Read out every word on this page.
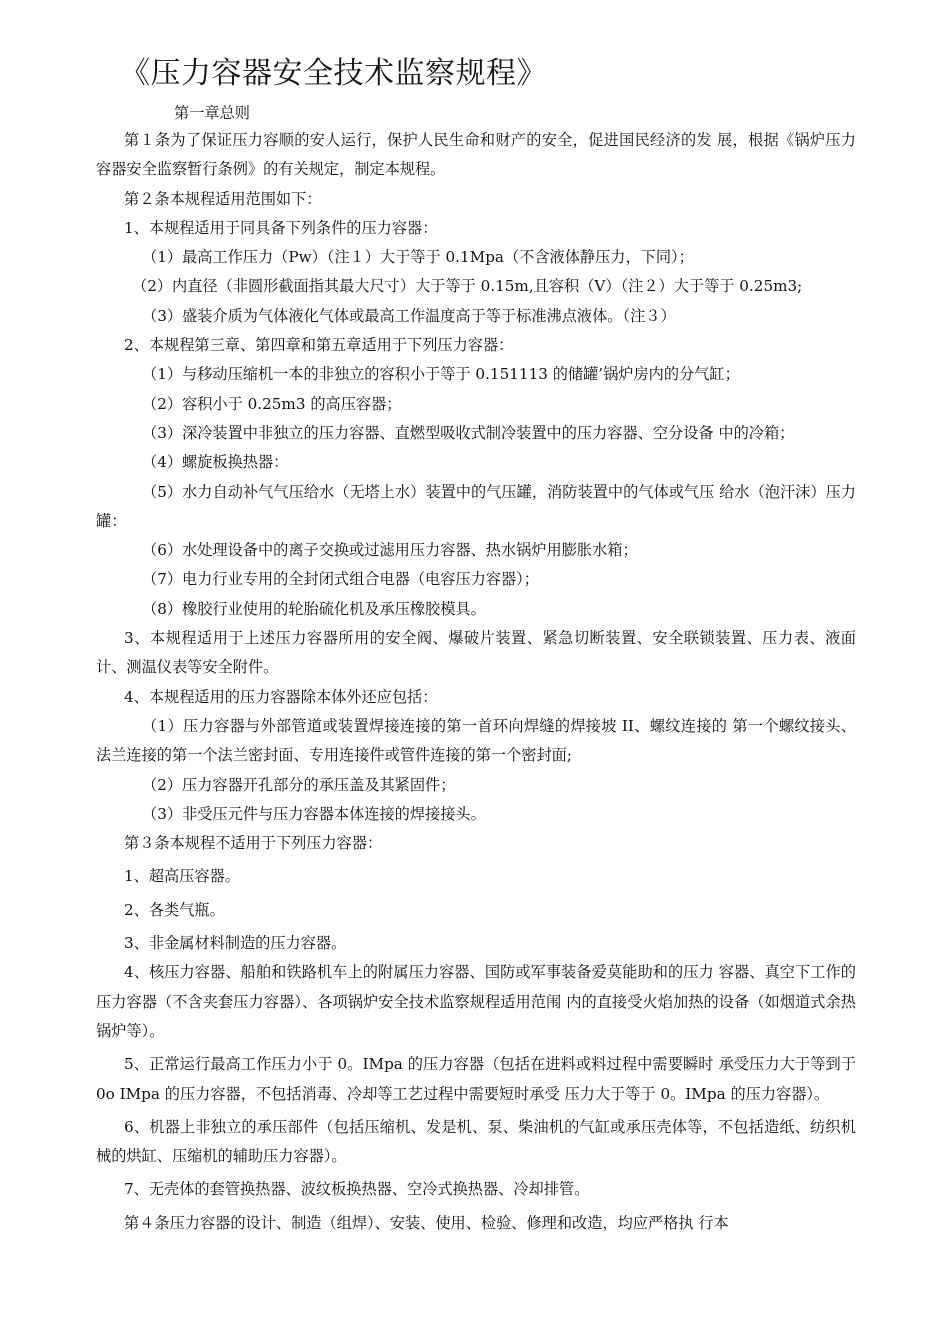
《压力容器安全技术监察规程》
第一章总则

第１条为了保证压力容顺的安人运行，保护人民生命和财产的安全，促进国民经济的发 展，根据《锅炉压力容器安全监察暂行条例》的有关规定，制定本规程。

第２条本规程适用范围如下：

1、本规程适用于同具备下列条件的压力容器：

（1）最高工作压力（Pw）（注１）大于等于 0.1Mpa（不含液体静压力，下同）；

（2）内直径（非圆形截面指其最大尺寸）大于等于 0.15m,且容积（V）（注２）大于等于 0.25m3;

（3）盛装介质为气体液化气体或最高工作温度高于等于标准沸点液体。（注３）

2、本规程第三章、第四章和第五章适用于下列压力容器：

（1）与移动压缩机一本的非独立的容积小于等于 0.151113 的储罐’锅炉房内的分气缸；

（2）容积小于 0.25m3 的高压容器；

（3）深冷装置中非独立的压力容器、直燃型吸收式制冷装置中的压力容器、空分设备 中的冷箱；

（4）螺旋板换热器：

（5）水力自动补气气压给水（无塔上水）装置中的气压罐，消防装置中的气体或气压 给水（泡汗沫）压力罐：

（6）水处理设备中的离子交换或过滤用压力容器、热水锅炉用膨胀水箱；

（7）电力行业专用的全封闭式组合电器（电容压力容器）；

（8）橡胶行业使用的轮胎硫化机及承压橡胶模具。

3、本规程适用于上述压力容器所用的安全阀、爆破片装置、紧急切断装置、安全联锁装置、压力表、液面计、测温仪表等安全附件。

4、本规程适用的压力容器除本体外还应包括：

（1）压力容器与外部管道或装置焊接连接的第一首环向焊缝的焊接坡 II、螺纹连接的 第一个螺纹接头、法兰连接的第一个法兰密封面、专用连接件或管件连接的第一个密封面;

（2）压力容器开孔部分的承压盖及其紧固件；

（3）非受压元件与压力容器本体连接的焊接接头。

第３条本规程不适用于下列压力容器：

1、超高压容器。

2、各类气瓶。

3、非金属材料制造的压力容器。

4、核压力容器、船舶和铁路机车上的附属压力容器、国防或军事装备爱莫能助和的压力 容器、真空下工作的压力容器（不含夹套压力容器）、各项锅炉安全技术监察规程适用范闱 内的直接受火焰加热的设备（如烟道式余热锅炉等）。

5、正常运行最高工作压力小于 0。IMpa 的压力容器（包括在进料或料过程中需要瞬时 承受压力大于等到于 0o IMpa 的压力容器，不包括消毒、冷却等工艺过程中需要短时承受 压力大于等于 0。IMpa 的压力容器）。

6、机器上非独立的承压部件（包括压缩机、发是机、泵、柴油机的气缸或承压壳体等，不包括造纸、纺织机械的烘缸、压缩机的辅助压力容器）。

7、无壳体的套管换热器、波纹板换热器、空冷式换热器、冷却排管。

第４条压力容器的设计、制造（组焊）、安装、使用、检验、修理和改造，均应严格执 行本
